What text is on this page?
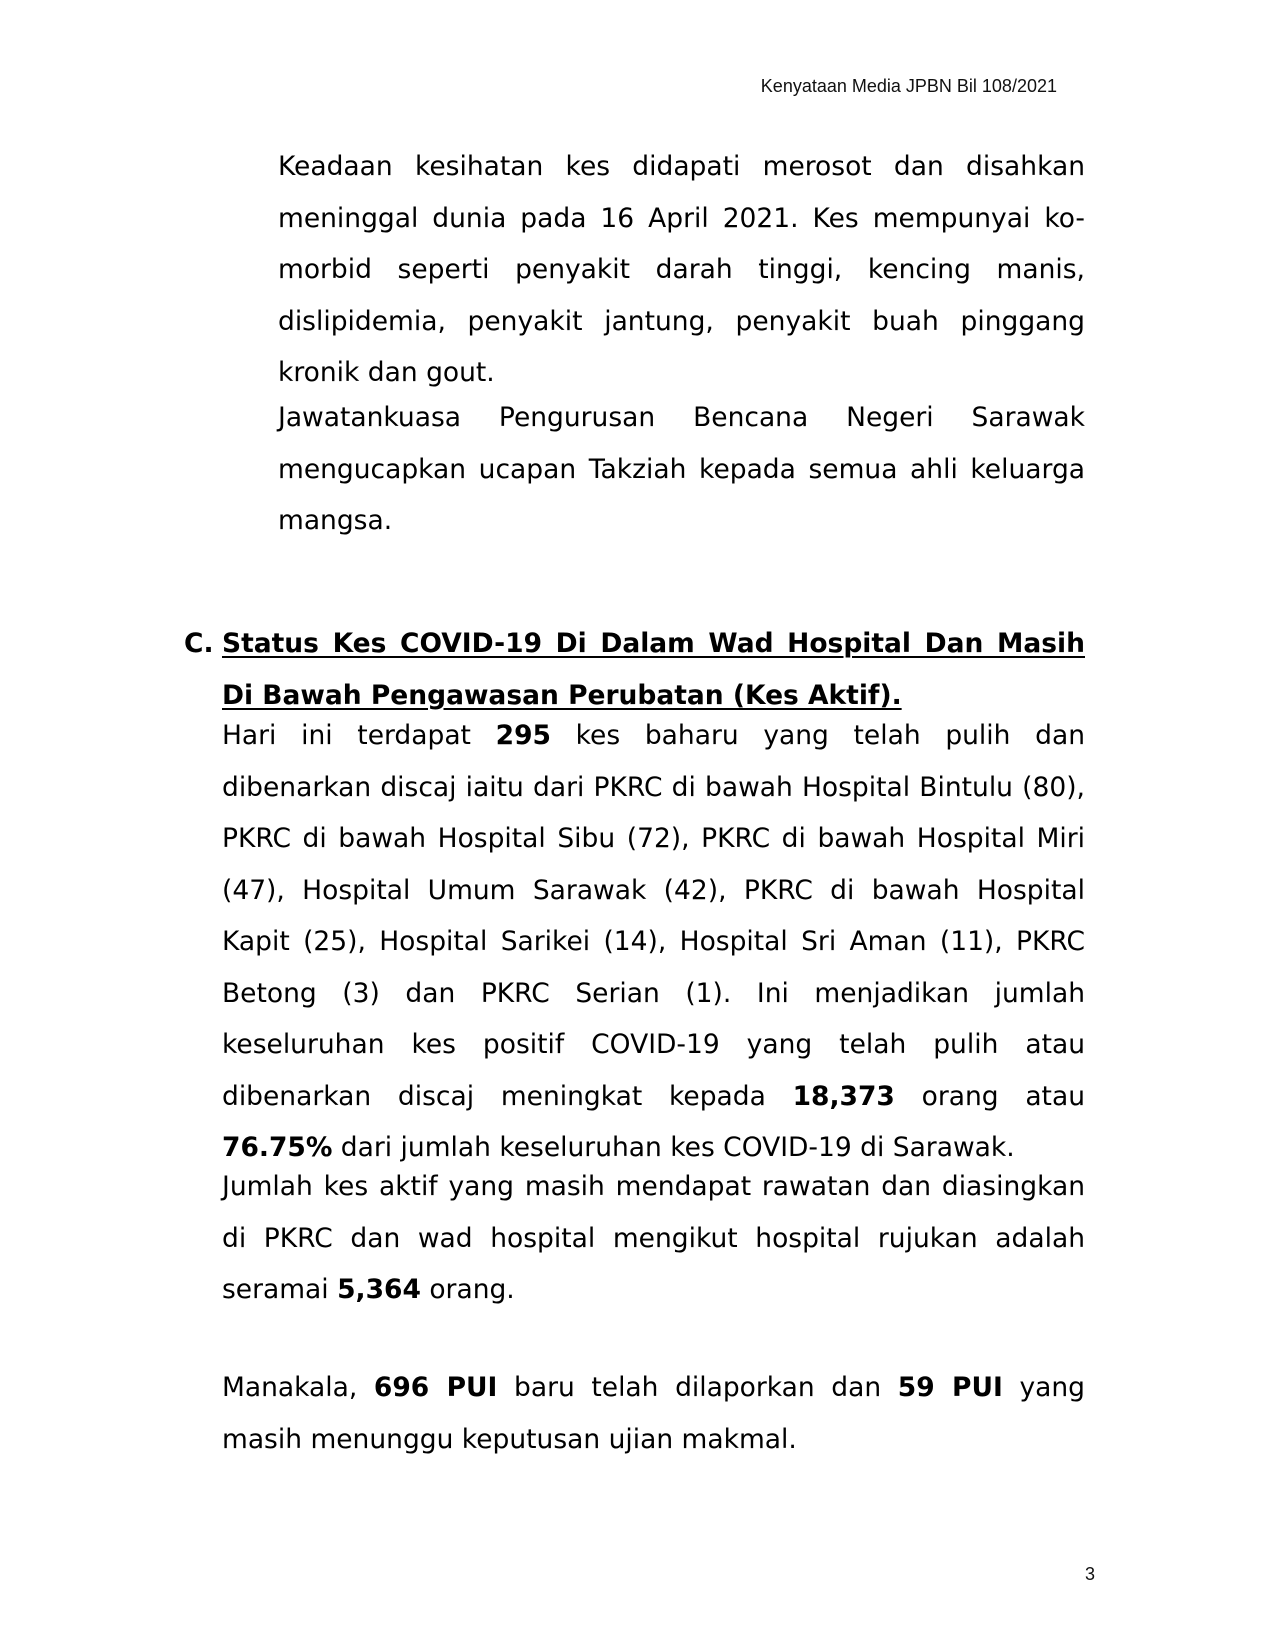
Kenyataan Media JPBN Bil 108/2021

Keadaan kesihatan kes didapati merosot dan disahkan meninggal dunia pada 16 April 2021. Kes mempunyai ko-morbid seperti penyakit darah tinggi, kencing manis, dislipidemia, penyakit jantung, penyakit buah pinggang kronik dan gout.

Jawatankuasa Pengurusan Bencana Negeri Sarawak mengucapkan ucapan Takziah kepada semua ahli keluarga mangsa.

C. Status Kes COVID-19 Di Dalam Wad Hospital Dan Masih Di Bawah Pengawasan Perubatan (Kes Aktif).

Hari ini terdapat 295 kes baharu yang telah pulih dan dibenarkan discaj iaitu dari PKRC di bawah Hospital Bintulu (80), PKRC di bawah Hospital Sibu (72), PKRC di bawah Hospital Miri (47), Hospital Umum Sarawak (42), PKRC di bawah Hospital Kapit (25), Hospital Sarikei (14), Hospital Sri Aman (11), PKRC Betong (3) dan PKRC Serian (1). Ini menjadikan jumlah keseluruhan kes positif COVID-19 yang telah pulih atau dibenarkan discaj meningkat kepada 18,373 orang atau 76.75% dari jumlah keseluruhan kes COVID-19 di Sarawak.

Jumlah kes aktif yang masih mendapat rawatan dan diasingkan di PKRC dan wad hospital mengikut hospital rujukan adalah seramai 5,364 orang.

Manakala, 696 PUI baru telah dilaporkan dan 59 PUI yang masih menunggu keputusan ujian makmal.

3
